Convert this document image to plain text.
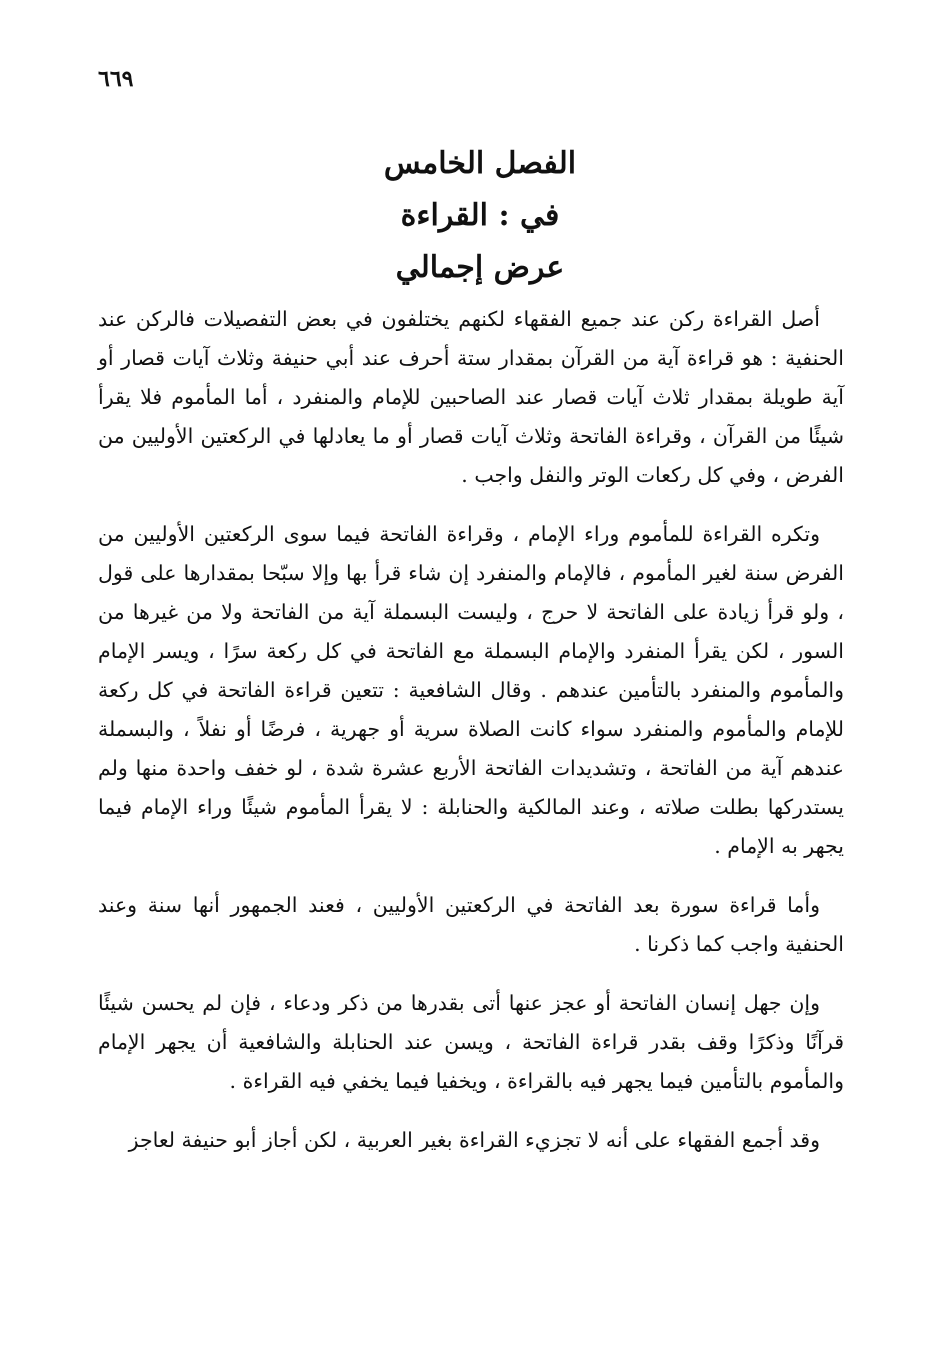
٦٦٩
الفصل الخامس
في : القراءة
عرض إجمالي

أصل القراءة ركن عند جميع الفقهاء لكنهم يختلفون في بعض التفصيلات فالركن عند الحنفية : هو قراءة آية من القرآن بمقدار ستة أحرف عند أبي حنيفة وثلاث آيات قصار أو آية طويلة بمقدار ثلاث آيات قصار عند الصاحبين للإمام والمنفرد ، أما المأموم فلا يقرأ شيئًا من القرآن ، وقراءة الفاتحة وثلاث آيات قصار أو ما يعادلها في الركعتين الأوليين من الفرض ، وفي كل ركعات الوتر والنفل واجب .

وتكره القراءة للمأموم وراء الإمام ، وقراءة الفاتحة فيما سوى الركعتين الأوليين من الفرض سنة لغير المأموم ، فالإمام والمنفرد إن شاء قرأ بها وإلا سبّحا بمقدارها على قول ، ولو قرأ زيادة على الفاتحة لا حرج ، وليست البسملة آية من الفاتحة ولا من غيرها من السور ، لكن يقرأ المنفرد والإمام البسملة مع الفاتحة في كل ركعة سرًا ، ويسر الإمام والمأموم والمنفرد بالتأمين عندهم . وقال الشافعية : تتعين قراءة الفاتحة في كل ركعة للإمام والمأموم والمنفرد سواء كانت الصلاة سرية أو جهرية ، فرضًا أو نفلاً ، والبسملة عندهم آية من الفاتحة ، وتشديدات الفاتحة الأربع عشرة شدة ، لو خفف واحدة منها ولم يستدركها بطلت صلاته ، وعند المالكية والحنابلة : لا يقرأ المأموم شيئًا وراء الإمام فيما يجهر به الإمام .

وأما قراءة سورة بعد الفاتحة في الركعتين الأوليين ، فعند الجمهور أنها سنة وعند الحنفية واجب كما ذكرنا .

وإن جهل إنسان الفاتحة أو عجز عنها أتى بقدرها من ذكر ودعاء ، فإن لم يحسن شيئًا قرآنًا وذكرًا وقف بقدر قراءة الفاتحة ، ويسن عند الحنابلة والشافعية أن يجهر الإمام والمأموم بالتأمين فيما يجهر فيه بالقراءة ، ويخفيا فيما يخفي فيه القراءة .

وقد أجمع الفقهاء على أنه لا تجزيء القراءة بغير العربية ، لكن أجاز أبو حنيفة لعاجز
